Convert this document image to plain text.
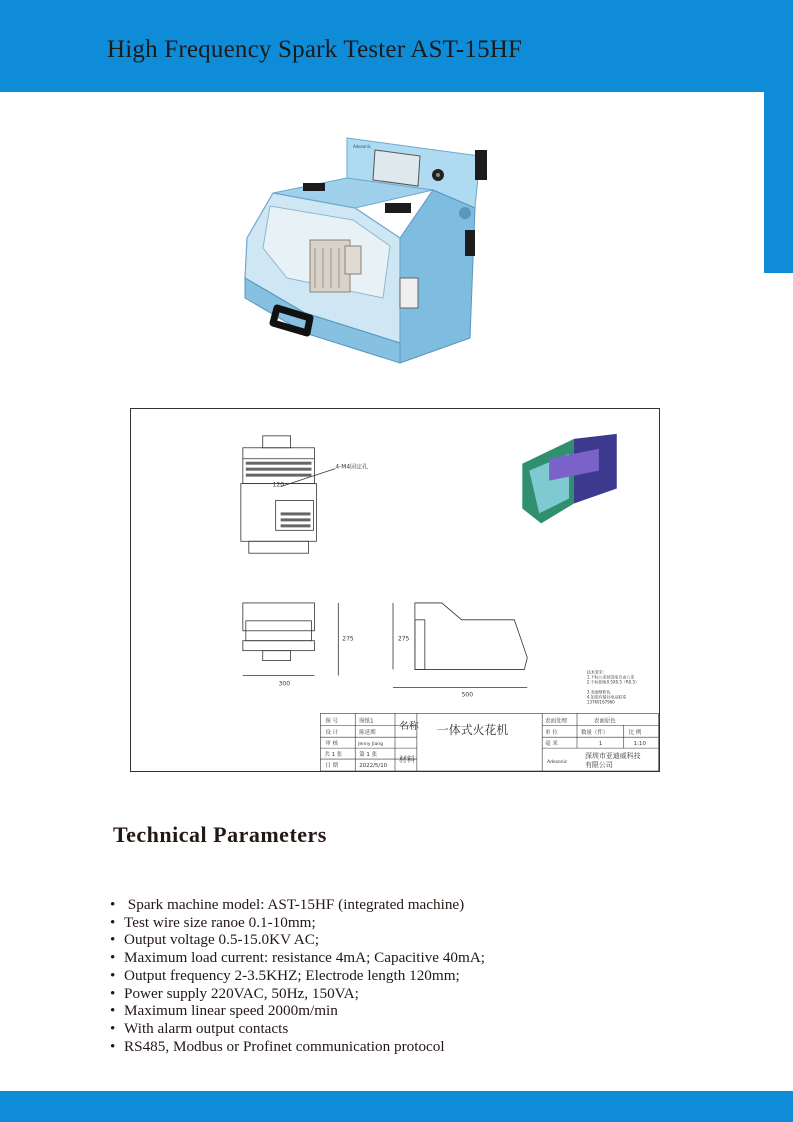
High Frequency Spark Tester AST-15HF
Adesonic
4-M4固定孔
120
300
275
500
275
技术要求:
1.不标公差按国家自由公差
2.不标倒角0.5X0.5（R0.5）
3.表面喷粉色
4.如图有疑问电话联系
13760167960
图 号	图纸1
设 计	陈延期
审 核	Jenny Jiang
共 1 张	第 1 张
日 期	2022/5/10
名称
材料
一体式火花机
表面处理	表面原色
单 位	数量（件）	比 例
毫 米	1	1:10
Adesonic
深圳市亚迪威科技
有限公司
Technical Parameters
• Spark machine model: AST-15HF (integrated machine)
• Test wire size ranoe 0.1-10mm;
• Output voltage 0.5-15.0KV AC;
• Maximum load current: resistance 4mA; Capacitive 40mA;
• Output frequency 2-3.5KHZ; Electrode length 120mm;
• Power supply 220VAC, 50Hz, 150VA;
• Maximum linear speed 2000m/min
• With alarm output contacts
• RS485, Modbus or Profinet communication protocol
